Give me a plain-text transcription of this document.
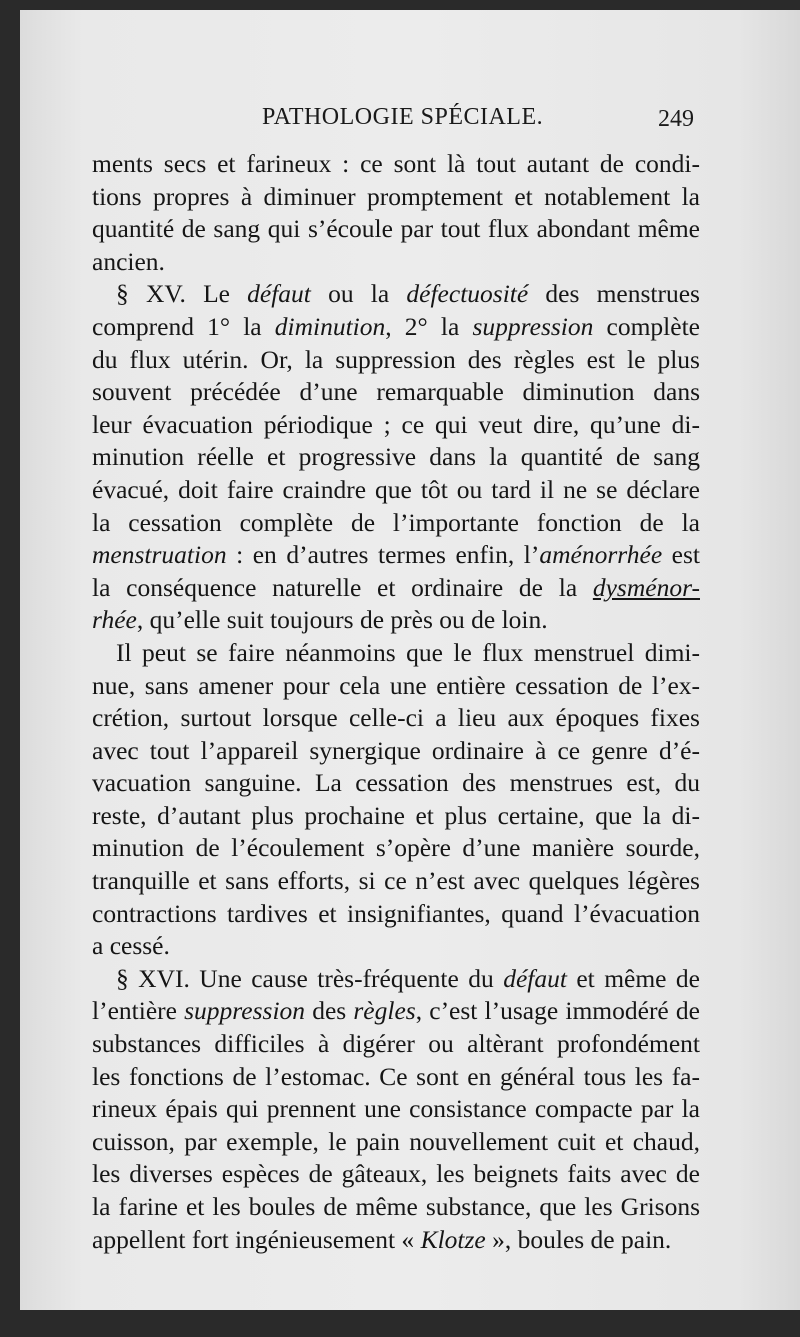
PATHOLOGIE SPÉCIALE.	249
ments secs et farineux : ce sont là tout autant de condi-
tions propres à diminuer promptement et notablement la
quantité de sang qui s’écoule par tout flux abondant même
ancien.
§ XV. Le défaut ou la défectuosité des menstrues
comprend 1° la diminution, 2° la suppression complète
du flux utérin. Or, la suppression des règles est le plus
souvent précédée d’une remarquable diminution dans
leur évacuation périodique ; ce qui veut dire, qu’une di-
minution réelle et progressive dans la quantité de sang
évacué, doit faire craindre que tôt ou tard il ne se déclare
la cessation complète de l’importante fonction de la
menstruation : en d’autres termes enfin, l’aménorrhée est
la conséquence naturelle et ordinaire de la dysménor-
rhée, qu’elle suit toujours de près ou de loin.
Il peut se faire néanmoins que le flux menstruel dimi-
nue, sans amener pour cela une entière cessation de l’ex-
crétion, surtout lorsque celle-ci a lieu aux époques fixes
avec tout l’appareil synergique ordinaire à ce genre d’é-
vacuation sanguine. La cessation des menstrues est, du
reste, d’autant plus prochaine et plus certaine, que la di-
minution de l’écoulement s’opère d’une manière sourde,
tranquille et sans efforts, si ce n’est avec quelques légères
contractions tardives et insignifiantes, quand l’évacuation
a cessé.
§ XVI. Une cause très-fréquente du défaut et même de
l’entière suppression des règles, c’est l’usage immodéré de
substances difficiles à digérer ou altèrant profondément
les fonctions de l’estomac. Ce sont en général tous les fa-
rineux épais qui prennent une consistance compacte par la
cuisson, par exemple, le pain nouvellement cuit et chaud,
les diverses espèces de gâteaux, les beignets faits avec de
la farine et les boules de même substance, que les Grisons
appellent fort ingénieusement « Klotze », boules de pain.
